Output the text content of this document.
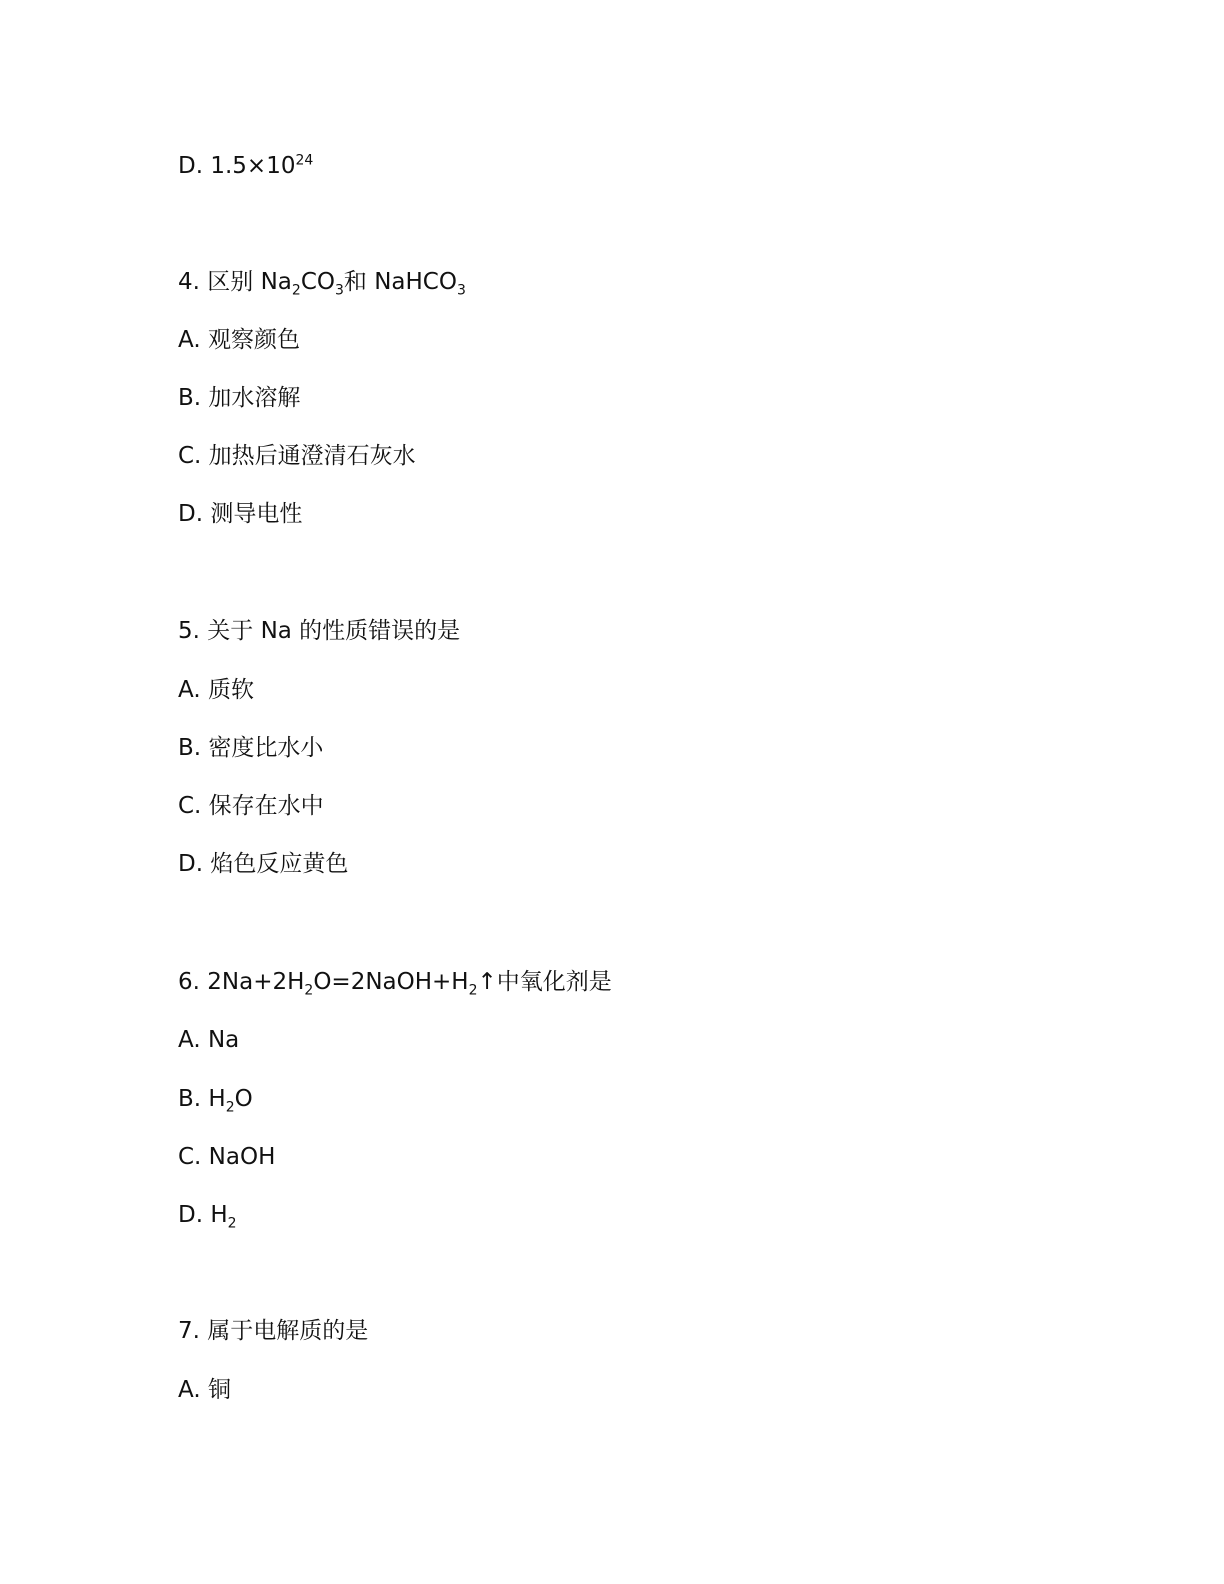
D. $1.5\times 10^{24}$
4. 区别 $Na_2CO_3$和 NaHCO$_3$
A. 观察颜色
B. 加水溶解
C. 加热后通澄清石灰水
D. 测导电性
5. 关于 Na 的性质错误的是
A. 质软
B. 密度比水小
C. 保存在水中
D. 焰色反应黄色
6. $2Na+2H_2O=2NaOH+H_2↑$中氧化剂是
A. Na
B. $H_2O$
C. NaOH
D. $H_2$
7. 属于电解质的是
A. 铜
